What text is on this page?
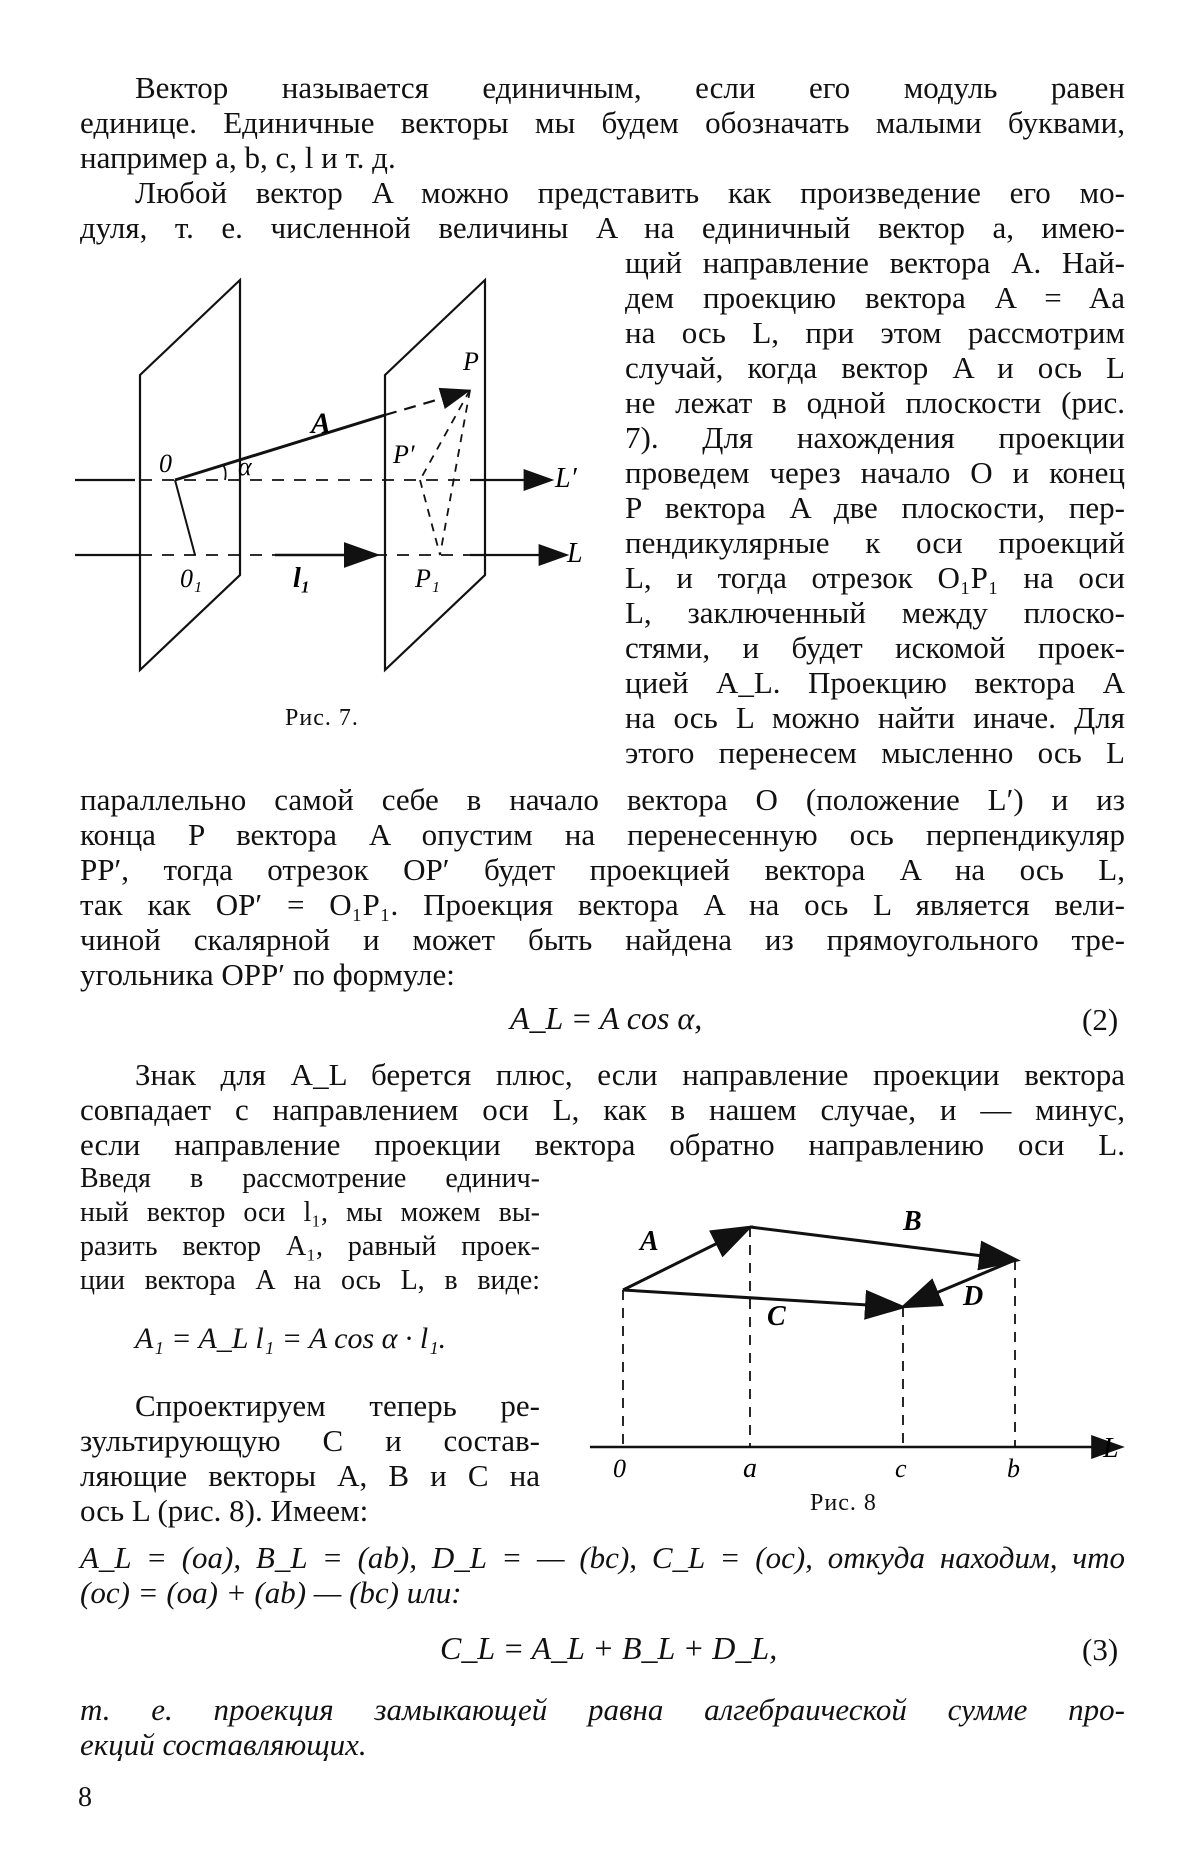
Вектор называется единичным, если его модуль равен
единице. Единичные векторы мы будем обозначать малыми буквами,
например a, b, c, l и т. д.
Любой вектор A можно представить как произведение его мо-
дуля, т. е. численной величины A на единичный вектор a, имею-
щий направление вектора A. Най-
дем проекцию вектора A = Aa
на ось L, при этом рассмотрим
случай, когда вектор A и ось L
не лежат в одной плоскости (рис.
7). Для нахождения проекции
проведем через начало O и конец
P вектора A две плоскости, пер-
пендикулярные к оси проекций
L, и тогда отрезок O₁P₁ на оси
L, заключенный между плоско-
стями, и будет искомой проек-
цией A_L. Проекцию вектора A
на ось L можно найти иначе. Для
этого перенесем мысленно ось L
0
0₁
A
α
P
P′
P₁
l₁
L′
L
Рис. 7.
параллельно самой себе в начало вектора O (положение L′) и из
конца P вектора A опустим на перенесенную ось перпендикуляр
PP′, тогда отрезок OP′ будет проекцией вектора A на ось L,
так как OP′ = O₁P₁. Проекция вектора A на ось L является вели-
чиной скалярной и может быть найдена из прямоугольного тре-
угольника OPP′ по формуле:
A_L = A cos α,	(2)
Знак для A_L берется плюс, если направление проекции вектора
совпадает с направлением оси L, как в нашем случае, и — минус,
если направление проекции вектора обратно направлению оси L.
Введя в рассмотрение единич-
ный вектор оси l₁, мы можем вы-
разить вектор A₁, равный проек-
ции вектора A на ось L, в виде:
A₁ = A_L l₁ = A cos α · l₁.
Спроектируем теперь ре-
зультирующую C и состав-
ляющие векторы A, B и C на
ось L (рис. 8). Имеем:
A
B
C
D
0	a	c	b
L
Рис. 8
A_L = (oa), B_L = (ab), D_L = — (bc), C_L = (oc), откуда находим, что
(oc) = (oa) + (ab) — (bc) или:
C_L = A_L + B_L + D_L,	(3)
т. е. проекция замыкающей равна алгебраической сумме про-
екций составляющих.
8
